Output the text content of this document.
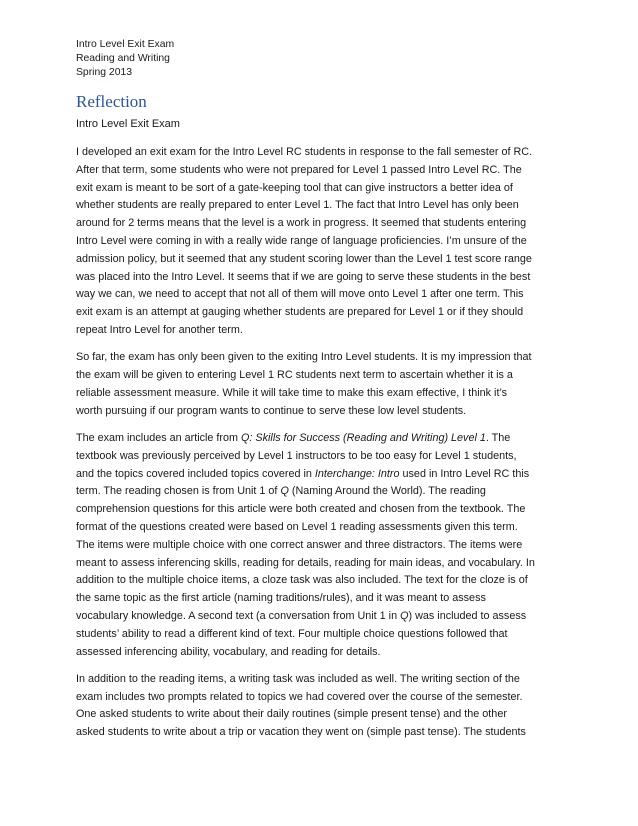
Intro Level Exit Exam
Reading and Writing
Spring 2013
Reflection
Intro Level Exit Exam

I developed an exit exam for the Intro Level RC students in response to the fall semester of RC.
After that term, some students who were not prepared for Level 1 passed Intro Level RC. The
exit exam is meant to be sort of a gate-keeping tool that can give instructors a better idea of
whether students are really prepared to enter Level 1. The fact that Intro Level has only been
around for 2 terms means that the level is a work in progress. It seemed that students entering
Intro Level were coming in with a really wide range of language proficiencies. I’m unsure of the
admission policy, but it seemed that any student scoring lower than the Level 1 test score range
was placed into the Intro Level. It seems that if we are going to serve these students in the best
way we can, we need to accept that not all of them will move onto Level 1 after one term. This
exit exam is an attempt at gauging whether students are prepared for Level 1 or if they should
repeat Intro Level for another term.

So far, the exam has only been given to the exiting Intro Level students. It is my impression that
the exam will be given to entering Level 1 RC students next term to ascertain whether it is a
reliable assessment measure. While it will take time to make this exam effective, I think it’s
worth pursuing if our program wants to continue to serve these low level students.

The exam includes an article from Q: Skills for Success (Reading and Writing) Level 1. The
textbook was previously perceived by Level 1 instructors to be too easy for Level 1 students,
and the topics covered included topics covered in Interchange: Intro used in Intro Level RC this
term. The reading chosen is from Unit 1 of Q (Naming Around the World). The reading
comprehension questions for this article were both created and chosen from the textbook. The
format of the questions created were based on Level 1 reading assessments given this term.
The items were multiple choice with one correct answer and three distractors. The items were
meant to assess inferencing skills, reading for details, reading for main ideas, and vocabulary. In
addition to the multiple choice items, a cloze task was also included. The text for the cloze is of
the same topic as the first article (naming traditions/rules), and it was meant to assess
vocabulary knowledge. A second text (a conversation from Unit 1 in Q) was included to assess
students’ ability to read a different kind of text. Four multiple choice questions followed that
assessed inferencing ability, vocabulary, and reading for details.

In addition to the reading items, a writing task was included as well. The writing section of the
exam includes two prompts related to topics we had covered over the course of the semester.
One asked students to write about their daily routines (simple present tense) and the other
asked students to write about a trip or vacation they went on (simple past tense). The students
